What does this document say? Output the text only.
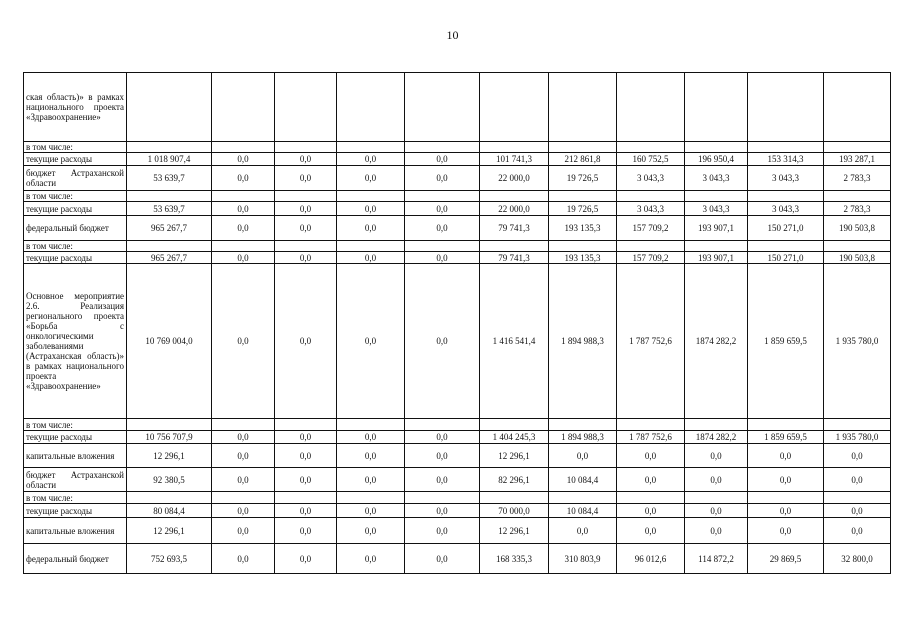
10
ская область)» в рамках национального проекта «Здравоохранение»											
в том числе:											
текущие расходы	1 018 907,4	0,0	0,0	0,0	0,0	101 741,3	212 861,8	160 752,5	196 950,4	153 314,3	193 287,1
бюджет Астраханской области	53 639,7	0,0	0,0	0,0	0,0	22 000,0	19 726,5	3 043,3	3 043,3	3 043,3	2 783,3
в том числе:											
текущие расходы	53 639,7	0,0	0,0	0,0	0,0	22 000,0	19 726,5	3 043,3	3 043,3	3 043,3	2 783,3
федеральный бюджет	965 267,7	0,0	0,0	0,0	0,0	79 741,3	193 135,3	157 709,2	193 907,1	150 271,0	190 503,8
в том числе:											
текущие расходы	965 267,7	0,0	0,0	0,0	0,0	79 741,3	193 135,3	157 709,2	193 907,1	150 271,0	190 503,8
Основное мероприятие 2.6. Реализация регионального проекта «Борьба с онкологическими заболеваниями (Астраханская область)» в рамках национального проекта «Здравоохранение»	10 769 004,0	0,0	0,0	0,0	0,0	1 416 541,4	1 894 988,3	1 787 752,6	1874 282,2	1 859 659,5	1 935 780,0
в том числе:											
текущие расходы	10 756 707,9	0,0	0,0	0,0	0,0	1 404 245,3	1 894 988,3	1 787 752,6	1874 282,2	1 859 659,5	1 935 780,0
капитальные вложения	12 296,1	0,0	0,0	0,0	0,0	12 296,1	0,0	0,0	0,0	0,0	0,0
бюджет Астраханской области	92 380,5	0,0	0,0	0,0	0,0	82 296,1	10 084,4	0,0	0,0	0,0	0,0
в том числе:											
текущие расходы	80 084,4	0,0	0,0	0,0	0,0	70 000,0	10 084,4	0,0	0,0	0,0	0,0
капитальные вложения	12 296,1	0,0	0,0	0,0	0,0	12 296,1	0,0	0,0	0,0	0,0	0,0
федеральный бюджет	752 693,5	0,0	0,0	0,0	0,0	168 335,3	310 803,9	96 012,6	114 872,2	29 869,5	32 800,0
